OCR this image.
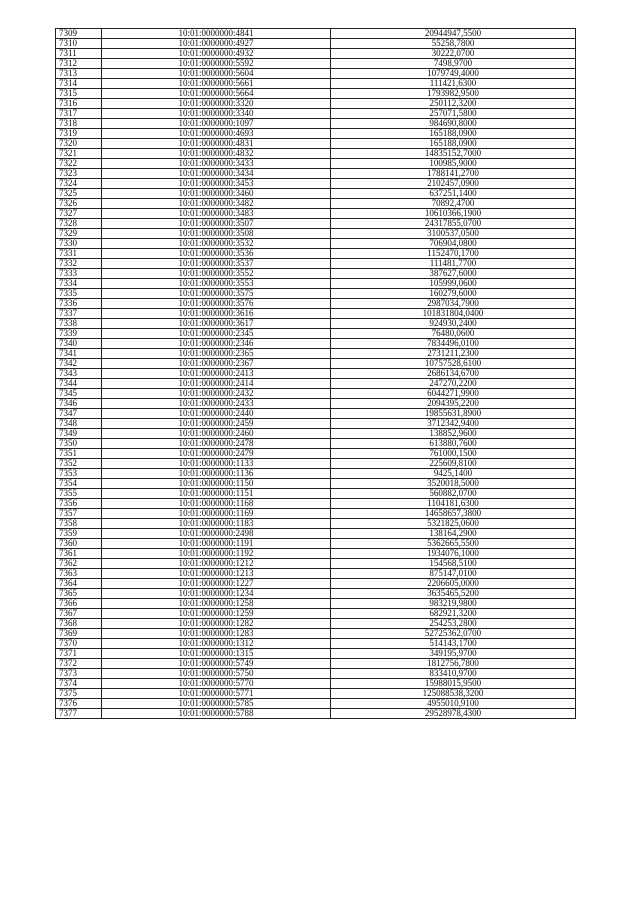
7309	10:01:0000000:4841	20944947,5500
7310	10:01:0000000:4927	55258,7800
7311	10:01:0000000:4932	30222,0700
7312	10:01:0000000:5592	7498,9700
7313	10:01:0000000:5604	1079749,4000
7314	10:01:0000000:5661	111421,6300
7315	10:01:0000000:5664	1793982,9500
7316	10:01:0000000:3320	250112,3200
7317	10:01:0000000:3340	257071,5800
7318	10:01:0000000:1097	984690,8000
7319	10:01:0000000:4693	165188,0900
7320	10:01:0000000:4831	165188,0900
7321	10:01:0000000:4832	14835152,7000
7322	10:01:0000000:3433	100985,9000
7323	10:01:0000000:3434	1788141,2700
7324	10:01:0000000:3453	2102457,0900
7325	10:01:0000000:3460	637251,1400
7326	10:01:0000000:3482	70892,4700
7327	10:01:0000000:3483	10610366,1900
7328	10:01:0000000:3507	24317855,0700
7329	10:01:0000000:3508	3100537,0500
7330	10:01:0000000:3532	706904,0800
7331	10:01:0000000:3536	1152470,1700
7332	10:01:0000000:3537	111481,7700
7333	10:01:0000000:3552	387627,6000
7334	10:01:0000000:3553	105999,0600
7335	10:01:0000000:3575	160279,6000
7336	10:01:0000000:3576	2987034,7900
7337	10:01:0000000:3616	101831804,0400
7338	10:01:0000000:3617	924930,2400
7339	10:01:0000000:2345	76480,0600
7340	10:01:0000000:2346	7834496,0100
7341	10:01:0000000:2365	2731211,2300
7342	10:01:0000000:2367	10757528,6100
7343	10:01:0000000:2413	2686134,6700
7344	10:01:0000000:2414	247270,2200
7345	10:01:0000000:2432	6044271,9900
7346	10:01:0000000:2433	2094395,2200
7347	10:01:0000000:2440	19855631,8900
7348	10:01:0000000:2459	3712342,9400
7349	10:01:0000000:2460	138852,9600
7350	10:01:0000000:2478	613880,7600
7351	10:01:0000000:2479	761000,1500
7352	10:01:0000000:1133	225609,8100
7353	10:01:0000000:1136	9425,1400
7354	10:01:0000000:1150	3520018,5000
7355	10:01:0000000:1151	560882,0700
7356	10:01:0000000:1168	1104181,6300
7357	10:01:0000000:1169	14658657,3800
7358	10:01:0000000:1183	5321825,0600
7359	10:01:0000000:2498	138164,2900
7360	10:01:0000000:1191	5362665,5500
7361	10:01:0000000:1192	1934076,1000
7362	10:01:0000000:1212	154568,5100
7363	10:01:0000000:1213	875147,0100
7364	10:01:0000000:1227	2206605,0000
7365	10:01:0000000:1234	3635465,5200
7366	10:01:0000000:1258	983219,9800
7367	10:01:0000000:1259	682921,3200
7368	10:01:0000000:1282	254253,2800
7369	10:01:0000000:1283	52725362,0700
7370	10:01:0000000:1312	514143,1700
7371	10:01:0000000:1315	349195,9700
7372	10:01:0000000:5749	1812756,7800
7373	10:01:0000000:5750	833410,9700
7374	10:01:0000000:5770	15988015,9500
7375	10:01:0000000:5771	125088538,3200
7376	10:01:0000000:5785	4955010,9100
7377	10:01:0000000:5788	29528978,4300
